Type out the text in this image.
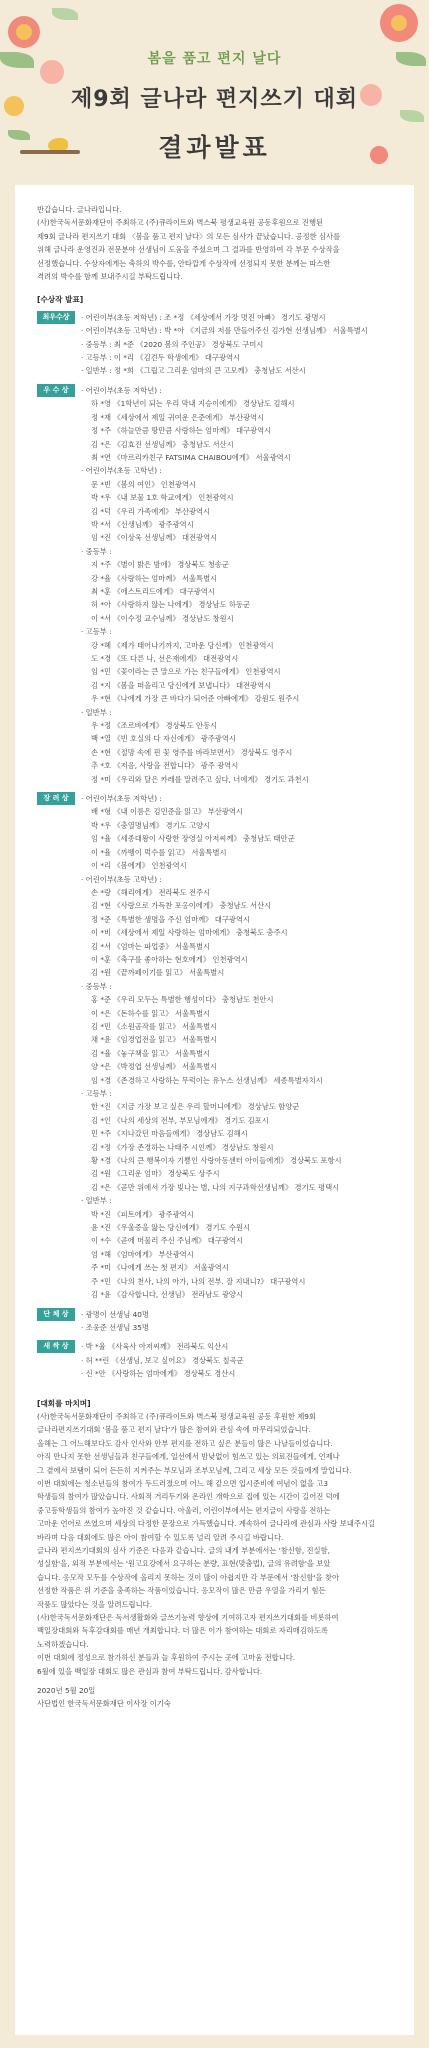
봄을 품고 편지 날다
제9회 글나라 편지쓰기 대회
결과발표

반갑습니다. 글나라입니다.

(사)한국독서문화재단이 주최하고 (주)큐라이트와 벽스북 평생교육원 공동후원으로 진행된

제9회 글나라 편지쓰기 대회 〈봄을 품고 편지 날다〉의 모든 심사가 끝났습니다. 공정한 심사를

위해 글나라 운영진과 전문분야 선생님이 도움을 주셨으며 그 결과를 반영하여 각 부문 수상작을

선정했습니다. 수상자에게는 축하의 박수를, 안타깝게 수상작에 선정되지 못한 분께는 따스한

격려의 박수를 함께 보내주시길 부탁드립니다.

[수상작 발표]
최우수상	· 어린이부(초등 저학년) : 조 *정 《세상에서 가장 멋진 아빠》 경기도 광명시
· 어린이부(초등 고학년) : 박 *아 《지금의 저를 만들어주신 김가현 선생님께》 서울특별시
· 중등부 : 최 *준 《2020 봄의 주인공》 경상북도 구미시
· 고등부 : 이 *리 《김견두 학생에게》 대구광역시
· 일반부 : 정 *희 《그립고 그리운 엄마의 큰 고모께》 충청남도 서산시
우 수 상	· 어린이부(초등 저학년) :
하 *영 《1학년이 되는 우리 막내 지승이에게》 경상남도 김해시
정 *재 《세상에서 제일 귀여운 은준에게》 부산광역시
정 *주 《하늘만큼 땅만큼 사랑하는 엄마께》 대구광역시
김 *은 《김효진 선생님께》 충청남도 서산시
최 *연 《마르리카친구 FATSIMA CHAIBOU에게》 서울광역시
· 어린이부(초등 고학년) :
문 *빈 《봄의 여인》 인천광역시
박 *우 《내 보물 1호 학교에게》 인천광역시
김 *덕 《우리 가족에게》 부산광역시
박 *서 《선생님께》 광주광역시
임 *진 《이상욱 선생님께》 대전광역시
· 중등부 :
지 *주 《별이 밝은 밤에》 경상북도 청송군
강 *율 《사랑하는 엄마께》 서울특별시
최 *훈 《에스트리드에게》 대구광역시
허 *아 《사랑하지 않는 나에게》 경상남도 하동군
이 *서 《이수정 교수님께》 경상남도 창원시
· 고등부 :
강 *혜 《제가 태어나기까지, 고마운 당신께》 인천광역시
도 *경 《또 다른 나, 선은재에게》 대전광역시
임 *민 《꽃이라는 큰 말으로 가는 친구들에게》 인천광역시
김 *지 《봄을 떠올리고 당신에게 보냅니다》 대전광역시
우 *현 《나에게 가장 큰 바다가 되어준 아빠에게》 강원도 원주시
· 일반부 :
우 *정 《조르바에게》 경상북도 안동시
백 *열 《빈 호실의 다 자신에게》 광주광역시
손 *현 《절망 속에 핀 꽃 영주를 바라보면서》 경상북도 영주시
추 *호 《저음, 사랑을 전합니다》 광주 광역시
정 *미 《우리와 달은 카레를 말려주고 싶다, 너에게》 경기도 과천시
장 려 상	· 어린이부(초등 저학년) :
배 *형 《내 이름은 김민준을 읽고》 부산광역시
박 *우 《충열명님께》 경기도 고양시
임 *율 《세종대왕이 사랑한 장영실 아저씨께》 충청남도 태안군
이 *율 《까벵이 먹수를 읽고》 서울특별시
이 *리 《봄에게》 인천광역시
· 어린이부(초등 고학년) :
손 *랑 《해리에게》 전라북도 전주시
김 *현 《사랑으로 가득찬 포옹이에게》 충청남도 서산시
정 *준 《특별한 생명을 주신 엄마께》 대구광역시
이 *비 《세상에서 제일 사랑하는 엄마에게》 충청북도 충주시
김 *서 《엄마는 파업중》 서울특별시
이 *훈 《축구를 좋아하는 현호에게》 인천광역시
김 *원 《끝까페이기를 읽고》 서울특별시
· 중등부 :
홍 *준 《우리 모두는 특별한 행성이다》 충청남도 천안시
이 *은 《돈하수를 읽고》 서울특별시
김 *민 《소원곰작를 읽고》 서울특별시
채 *윤 《임경업전을 읽고》 서울특별시
김 *율 《놓구책을 읽고》 서울특별시
양 *은 《박정엽 선생님께》 서울특별시
임 *경 《존경하고 사랑하는 무럭이는 유누스 선생님께》 세종특별자치시
· 고등부 :
한 *진 《지금 가장 보고 싶은 우리 할머니에게》 경상남도 함양군
김 *인 《나의 세상의 전부, 부모님에게》 경기도 김포시
민 *주 《지나갔던 마음들에게》 경상남도 김해시
김 *정 《가장 존경하는 나태주 시인께》 경상남도 창원시
황 *경 《나의 큰 행복이자 기쁨인 사랑아동센터 아이들에게》 경상북도 포항시
김 *원 《그리운 엄마》 경상북도 상주시
김 *은 《곧만 위에서 가장 빛나는 별, 나의 지구과학선생님께》 경기도 평택시
· 일반부 :
박 *진 《피트에게》 광주광역시
윤 *진 《우울증을 앓는 당신에게》 경기도 수원시
이 *수 《곧에 머물러 주신 주님께》 대구광역시
엄 *해 《엄마에게》 부산광역시
주 *미 《나에게 쓰는 첫 편지》 서울광역시
주 *민 《나의 천사, 나의 아가, 나의 전부. 잘 지내니?》 대구광역시
김 *윤 《감사합니다, 선생님》 전라남도 광양시
단 체 상	· 광명이 선생님 40명
· 조웅준 선생님 35명
새 싹 상	· 박 *율 《사육사 아저씨께》 전라북도 익산시
· 허 **린 《선생님, 보고 싶어요》 경상북도 칠곡군
· 신 *안 《사랑하는 엄마에게》 경상북도 경산시
[대회를 마치며]

(사)한국독서문화재단이 주최하고 (주)큐라이트와 벽스북 평생교육원 공동 후원한 제9회

글나라편지쓰기대회 '봄을 품고 편지 날다'가 많은 참여와 관심 속에 마무리되었습니다.

올해는 그 어느해보다도 감사 인사와 안부 편지를 전하고 싶은 분들이 많은 나날들이었습니다.

아직 만나지 못한 선생님들과 친구들에게, 일선에서 밤낮없이 힘쓰고 있는 의료진들에게, 언제나

그 곁에서 보탬이 되어 든든히 지켜주는 부모님과 조부모님께, 그리고 세상 모든 것들에게 말입니다.

이번 대회에는 청소년들의 참여가 두드러졌으며 어느 해 같으면 입시준비에 여념이 없을 고3

학생들의 참여가 많았습니다. 사회적 거리두기와 온라인 개학으로 집에 있는 시간이 길어진 덕에

중고등학생들의 참여가 높아진 것 같습니다. 아울러, 어린이부에서는 편지글이 사랑을 전하는

고마운 언어로 쓰였으며 세상의 다정한 문장으로 가득했습니다. 계속하여 글나라에 관심과 사랑 보내주시길

바라며 다음 대회에도 많은 아이 참여할 수 있도록 널리 알려 주시길 바랍니다.

글나라 편지쓰기대회의 심사 기준은 다음과 같습니다. 글의 내게 부분에서는 '참신함, 진실함,

성실함'을, 외적 부분에서는 '원고요강에서 요구하는 분량, 표현(맞춤법), 글의 유려함'을 보았

습니다. 응모작 모두를 수상작에 올리지 못하는 것이 많이 아쉽지만 각 부문에서 '참신함'을 찾아

선정한 작품은 위 기준을 충족하는 작품이었습니다. 응모작이 많은 만큼 우열을 가리기 힘든

작품도 많았다는 것을 알려드립니다.

(사)한국독서문화재단은 독서생활화와 글쓰기능력 향상에 기여하고자 편지쓰기대회를 비롯하여

백일장대회와 독후감대회를 매년 개최합니다. 더 많은 이가 참여하는 대회로 자리매김하도록

노력하겠습니다.

이번 대회에 정성으로 참가하신 분들과 늘 후원하여 주시는 곳에 고마움 전합니다.

6월에 있을 백일장 대회도 많은 관심과 참여 부탁드립니다. 감사합니다.

2020년 5월 20일

사단법인 한국독서문화재단 이사장 이기숙
